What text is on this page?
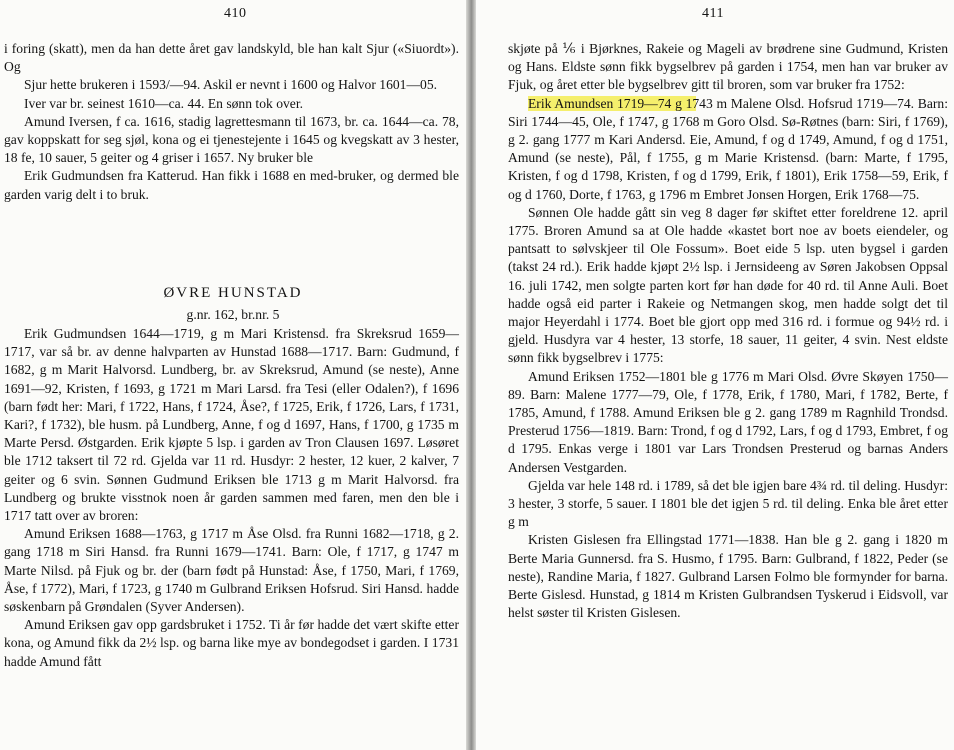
410

i foring (skatt), men da han dette året gav landskyld, ble han kalt Sjur («Siuordt»). Og

Sjur hette brukeren i 1593/—94. Askil er nevnt i 1600 og Halvor 1601—05.

Iver var br. seinest 1610—ca. 44. En sønn tok over.

Amund Iversen, f ca. 1616, stadig lagrettesmann til 1673, br. ca. 1644—ca. 78, gav koppskatt for seg sjøl, kona og ei tjenestejente i 1645 og kvegskatt av 3 hester, 18 fe, 10 sauer, 5 geiter og 4 griser i 1657. Ny bruker ble

Erik Gudmundsen fra Katterud. Han fikk i 1688 en med-bruker, og dermed ble garden varig delt i to bruk.

ØVRE HUNSTAD
g.nr. 162, br.nr. 5

Erik Gudmundsen 1644—1719, g m Mari Kristensd. fra Skreksrud 1659—1717, var så br. av denne halvparten av Hunstad 1688—1717. Barn: Gudmund, f 1682, g m Marit Halvorsd. Lundberg, br. av Skreksrud, Amund (se neste), Anne 1691—92, Kristen, f 1693, g 1721 m Mari Larsd. fra Tesi (eller Odalen?), f 1696 (barn født her: Mari, f 1722, Hans, f 1724, Åse?, f 1725, Erik, f 1726, Lars, f 1731, Kari?, f 1732), ble husm. på Lundberg, Anne, f og d 1697, Hans, f 1700, g 1735 m Marte Persd. Østgarden. Erik kjøpte 5 lsp. i garden av Tron Clausen 1697. Løsøret ble 1712 taksert til 72 rd. Gjelda var 11 rd. Husdyr: 2 hester, 12 kuer, 2 kalver, 7 geiter og 6 svin. Sønnen Gudmund Eriksen ble 1713 g m Marit Halvorsd. fra Lundberg og brukte visstnok noen år garden sammen med faren, men den ble i 1717 tatt over av broren:

Amund Eriksen 1688—1763, g 1717 m Åse Olsd. fra Runni 1682—1718, g 2. gang 1718 m Siri Hansd. fra Runni 1679—1741. Barn: Ole, f 1717, g 1747 m Marte Nilsd. på Fjuk og br. der (barn født på Hunstad: Åse, f 1750, Mari, f 1769, Åse, f 1772), Mari, f 1723, g 1740 m Gulbrand Eriksen Hofsrud. Siri Hansd. hadde søskenbarn på Grøndalen (Syver Andersen).

Amund Eriksen gav opp gardsbruket i 1752. Ti år før hadde det vært skifte etter kona, og Amund fikk da 2½ lsp. og barna like mye av bondegodset i garden. I 1731 hadde Amund fått

411

skjøte på ⅙ i Bjørknes, Rakeie og Mageli av brødrene sine Gudmund, Kristen og Hans. Eldste sønn fikk bygselbrev på garden i 1754, men han var bruker av Fjuk, og året etter ble bygselbrev gitt til broren, som var bruker fra 1752:

Erik Amundsen 1719—74 g 1743 m Malene Olsd. Hofsrud 1719—74. Barn: Siri 1744—45, Ole, f 1747, g 1768 m Goro Olsd. Sø-Røtnes (barn: Siri, f 1769), g 2. gang 1777 m Kari Andersd. Eie, Amund, f og d 1749, Amund, f og d 1751, Amund (se neste), Pål, f 1755, g m Marie Kristensd. (barn: Marte, f 1795, Kristen, f og d 1798, Kristen, f og d 1799, Erik, f 1801), Erik 1758—59, Erik, f og d 1760, Dorte, f 1763, g 1796 m Embret Jonsen Horgen, Erik 1768—75.

Sønnen Ole hadde gått sin veg 8 dager før skiftet etter foreldrene 12. april 1775. Broren Amund sa at Ole hadde «kastet bort noe av boets eiendeler, og pantsatt to sølvskjeer til Ole Fossum». Boet eide 5 lsp. uten bygsel i garden (takst 24 rd.). Erik hadde kjøpt 2½ lsp. i Jernsideeng av Søren Jakobsen Oppsal 16. juli 1742, men solgte parten kort før han døde for 40 rd. til Anne Auli. Boet hadde også eid parter i Rakeie og Netmangen skog, men hadde solgt det til major Heyerdahl i 1774. Boet ble gjort opp med 316 rd. i formue og 94½ rd. i gjeld. Husdyra var 4 hester, 13 storfe, 18 sauer, 11 geiter, 4 svin. Nest eldste sønn fikk bygselbrev i 1775:

Amund Eriksen 1752—1801 ble g 1776 m Mari Olsd. Øvre Skøyen 1750—89. Barn: Malene 1777—79, Ole, f 1778, Erik, f 1780, Mari, f 1782, Berte, f 1785, Amund, f 1788. Amund Eriksen ble g 2. gang 1789 m Ragnhild Trondsd. Presterud 1756—1819. Barn: Trond, f og d 1792, Lars, f og d 1793, Embret, f og d 1795. Enkas verge i 1801 var Lars Trondsen Presterud og barnas Anders Andersen Vestgarden.

Gjelda var hele 148 rd. i 1789, så det ble igjen bare 4¾ rd. til deling. Husdyr: 3 hester, 3 storfe, 5 sauer. I 1801 ble det igjen 5 rd. til deling. Enka ble året etter g m

Kristen Gislesen fra Ellingstad 1771—1838. Han ble g 2. gang i 1820 m Berte Maria Gunnersd. fra S. Husmo, f 1795. Barn: Gulbrand, f 1822, Peder (se neste), Randine Maria, f 1827. Gulbrand Larsen Folmo ble formynder for barna. Berte Gislesd. Hunstad, g 1814 m Kristen Gulbrandsen Tyskerud i Eidsvoll, var helst søster til Kristen Gislesen.
